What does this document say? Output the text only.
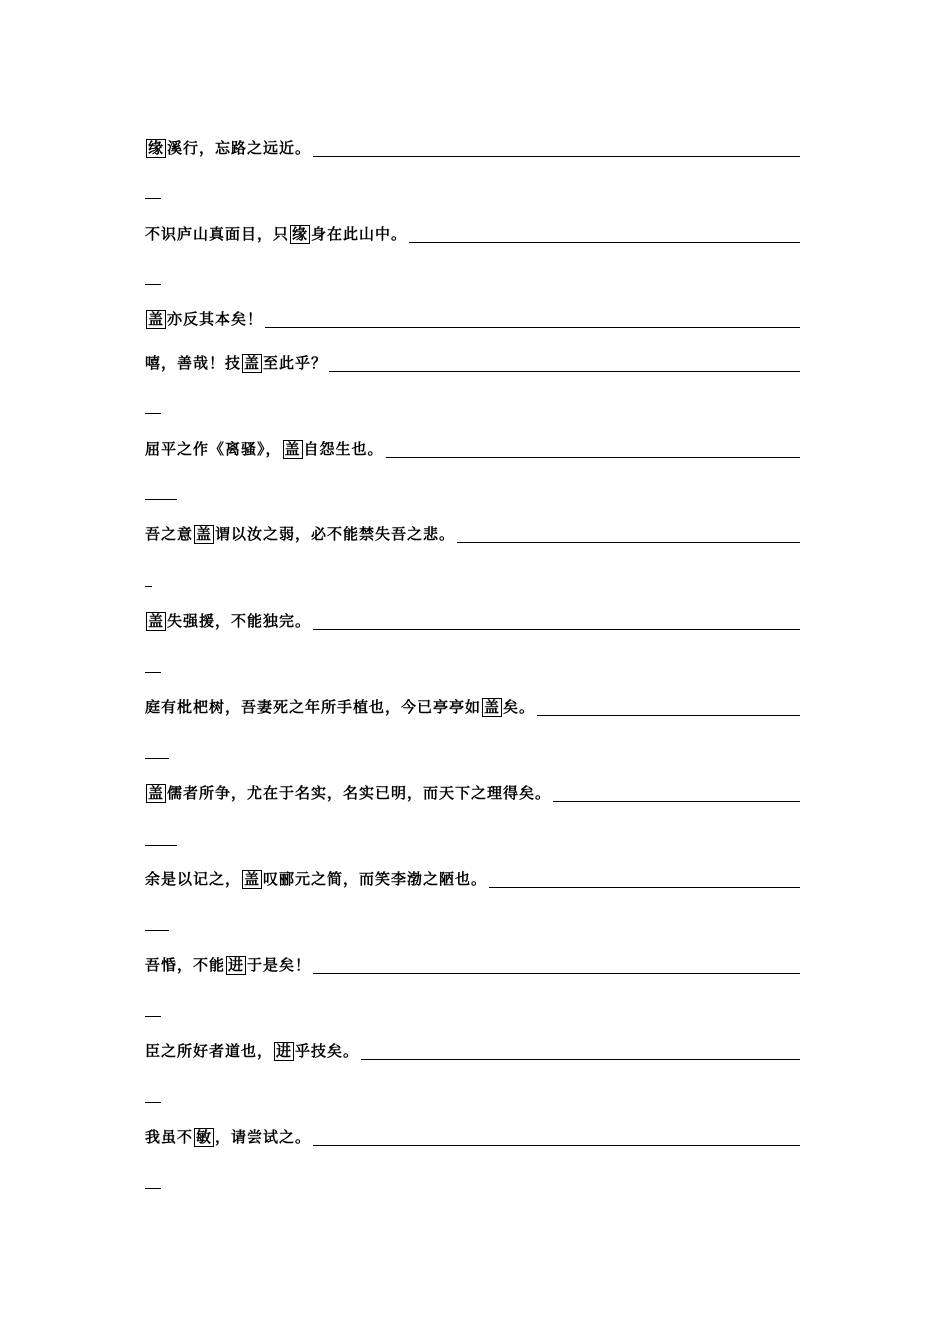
缘 溪行，忘路之远近。
不识庐山真面目，只 缘 身在此山中。
盖 亦反其本矣！
嘻，善哉！技 盖 至此乎？
屈平之作《离骚》， 盖 自怨生也。
吾之意 盖 谓以汝之弱，必不能禁失吾之悲。
盖 失强援，不能独完。
庭有枇杷树，吾妻死之年所手植也，今已亭亭如 盖 矣。
盖 儒者所争，尤在于名实，名实已明，而天下之理得矣。
余是以记之， 盖 叹郦元之简，而笑李渤之陋也。
吾惛，不能 进 于是矣！
臣之所好者道也， 进 乎技矣。
我虽不 敏 ，请尝试之。
